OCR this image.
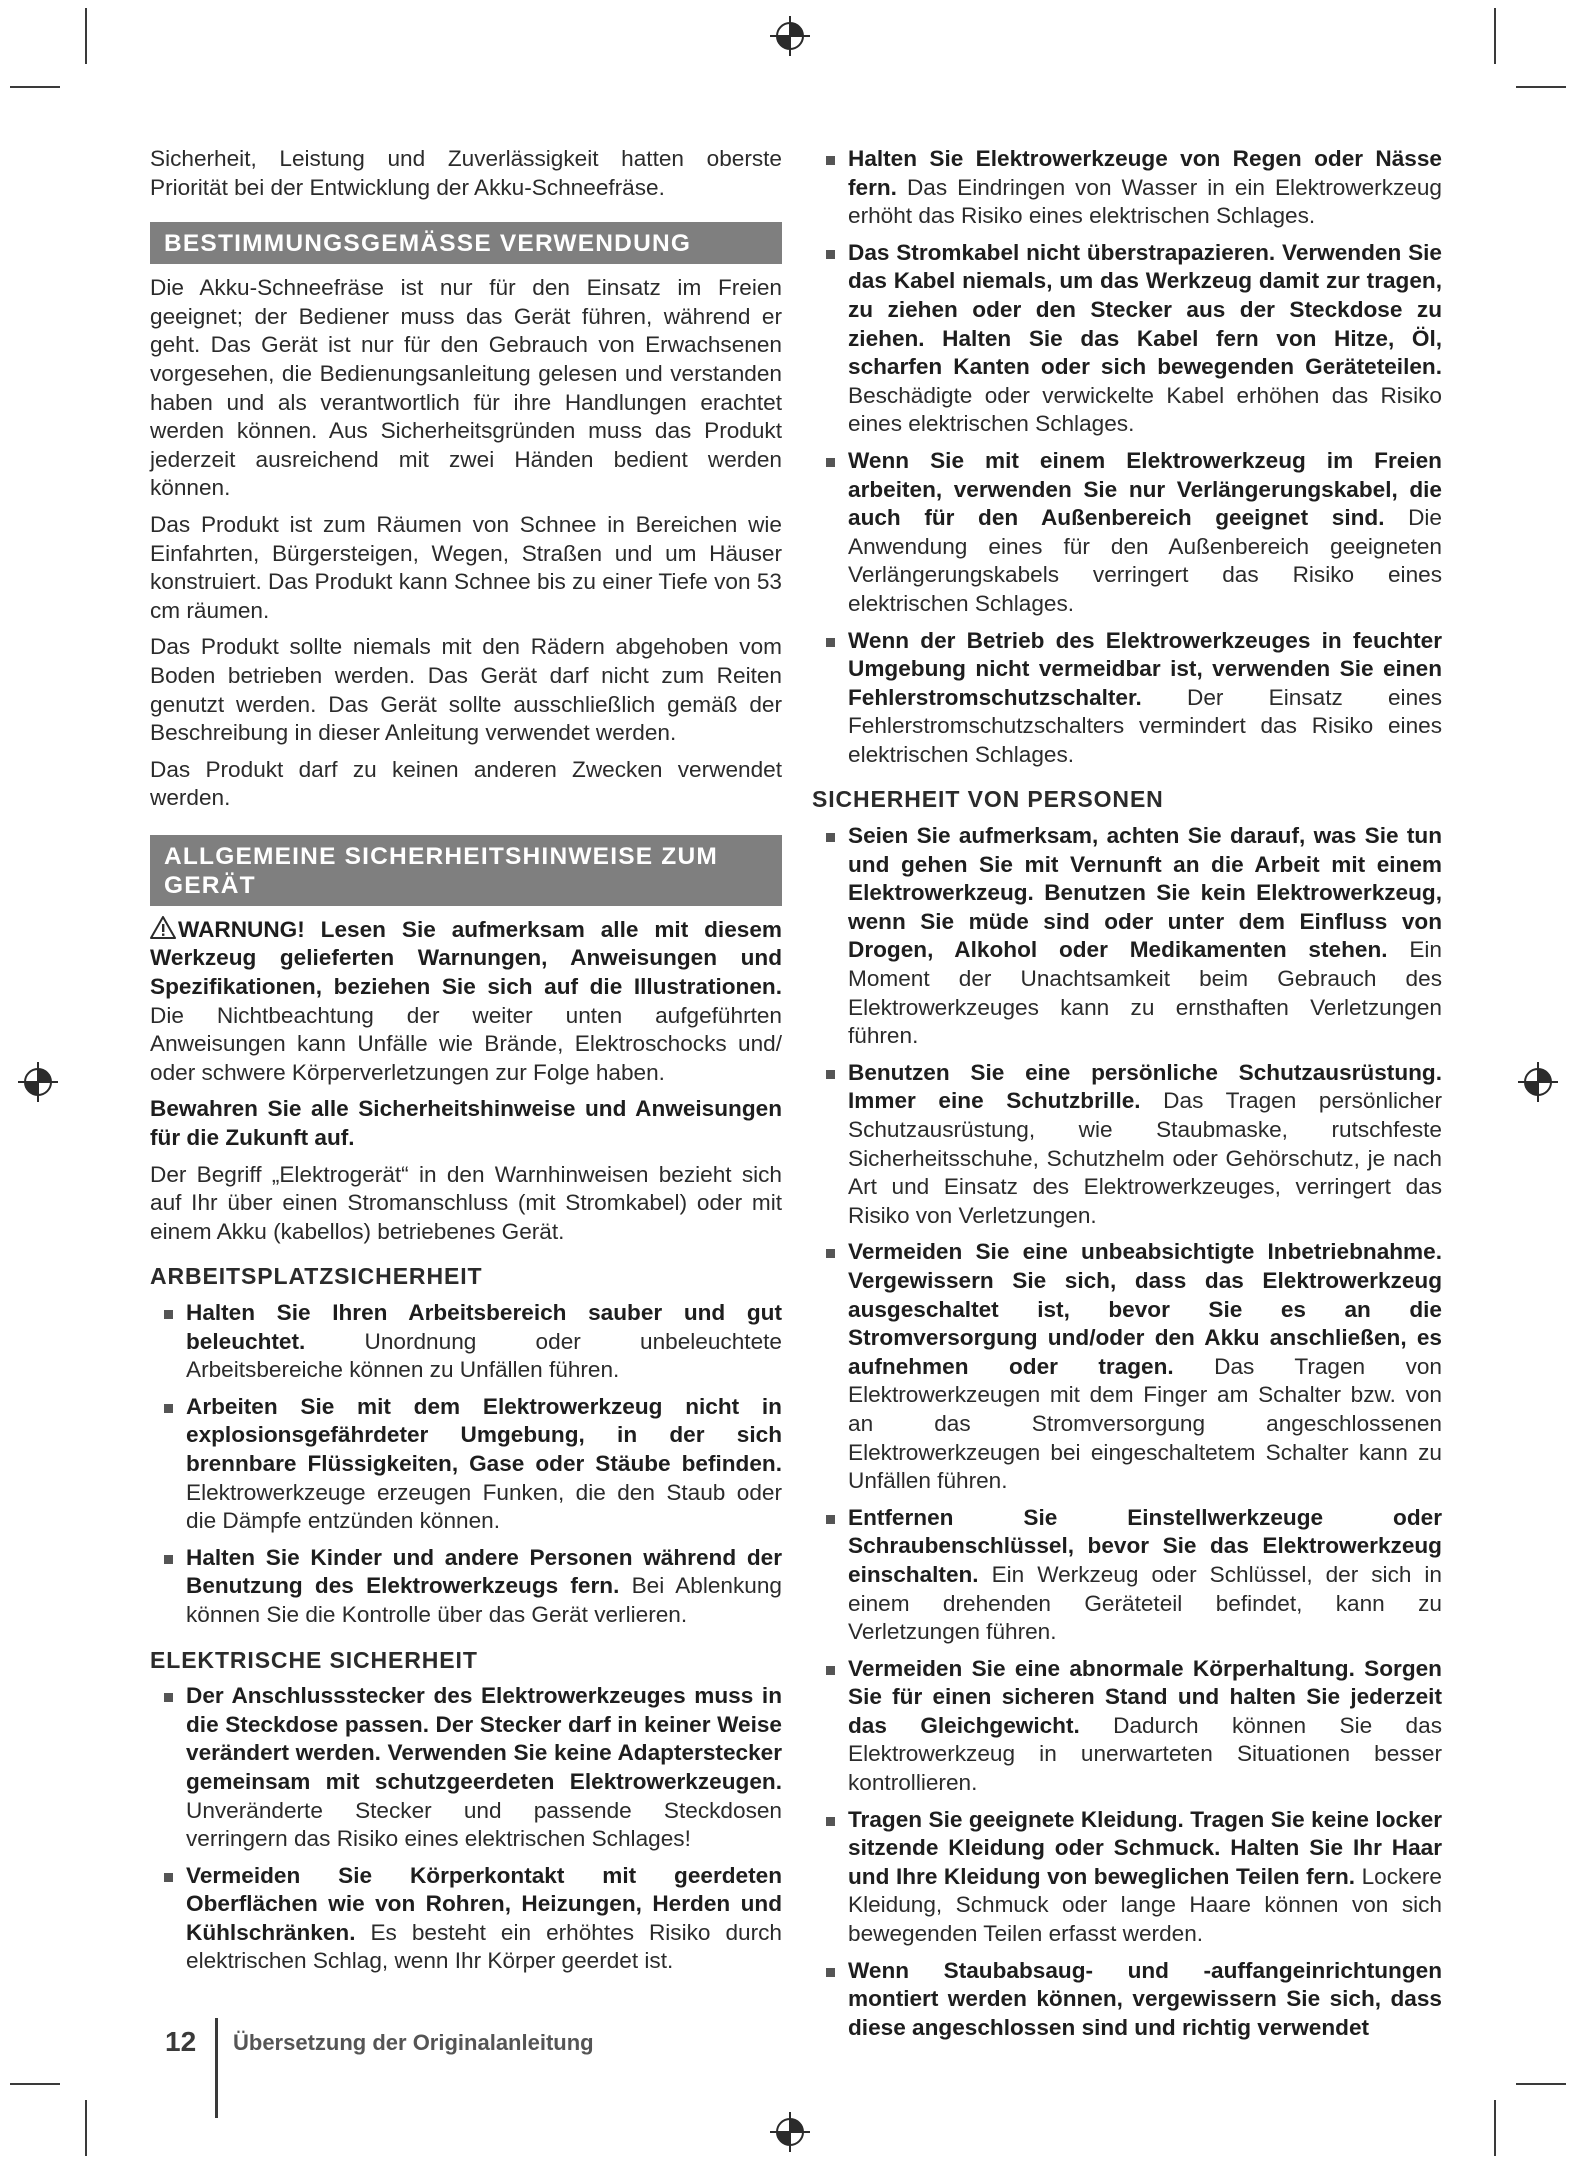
Sicherheit, Leistung und Zuverlässigkeit hatten oberste Priorität bei der Entwicklung der Akku-Schneefräse.

BESTIMMUNGSGEMÄSSE VERWENDUNG

Die Akku-Schneefräse ist nur für den Einsatz im Freien geeignet; der Bediener muss das Gerät führen, während er geht. Das Gerät ist nur für den Gebrauch von Erwachsenen vorgesehen, die Bedienungsanleitung gelesen und verstanden haben und als verantwortlich für ihre Handlungen erachtet werden können. Aus Sicherheitsgründen muss das Produkt jederzeit ausreichend mit zwei Händen bedient werden können.

Das Produkt ist zum Räumen von Schnee in Bereichen wie Einfahrten, Bürgersteigen, Wegen, Straßen und um Häuser konstruiert. Das Produkt kann Schnee bis zu einer Tiefe von 53 cm räumen.

Das Produkt sollte niemals mit den Rädern abgehoben vom Boden betrieben werden. Das Gerät darf nicht zum Reiten genutzt werden. Das Gerät sollte ausschließlich gemäß der Beschreibung in dieser Anleitung verwendet werden.

Das Produkt darf zu keinen anderen Zwecken verwendet werden.

ALLGEMEINE SICHERHEITSHINWEISE ZUM GERÄT

WARNUNG! Lesen Sie aufmerksam alle mit diesem Werkzeug gelieferten Warnungen, Anweisungen und Spezifikationen, beziehen Sie sich auf die Illustrationen. Die Nichtbeachtung der weiter unten aufgeführten Anweisungen kann Unfälle wie Brände, Elektroschocks und/ oder schwere Körperverletzungen zur Folge haben.

Bewahren Sie alle Sicherheitshinweise und Anweisungen für die Zukunft auf.

Der Begriff „Elektrogerät“ in den Warnhinweisen bezieht sich auf Ihr über einen Stromanschluss (mit Stromkabel) oder mit einem Akku (kabellos) betriebenes Gerät.

ARBEITSPLATZSICHERHEIT
Halten Sie Ihren Arbeitsbereich sauber und gut beleuchtet. Unordnung oder unbeleuchtete Arbeitsbereiche können zu Unfällen führen.
Arbeiten Sie mit dem Elektrowerkzeug nicht in explosionsgefährdeter Umgebung, in der sich brennbare Flüssigkeiten, Gase oder Stäube befinden. Elektrowerkzeuge erzeugen Funken, die den Staub oder die Dämpfe entzünden können.
Halten Sie Kinder und andere Personen während der Benutzung des Elektrowerkzeugs fern. Bei Ablenkung können Sie die Kontrolle über das Gerät verlieren.
ELEKTRISCHE SICHERHEIT
Der Anschlussstecker des Elektrowerkzeuges muss in die Steckdose passen. Der Stecker darf in keiner Weise verändert werden. Verwenden Sie keine Adapterstecker gemeinsam mit schutzgeerdeten Elektrowerkzeugen. Unveränderte Stecker und passende Steckdosen verringern das Risiko eines elektrischen Schlages!
Vermeiden Sie Körperkontakt mit geerdeten Oberflächen wie von Rohren, Heizungen, Herden und Kühlschränken. Es besteht ein erhöhtes Risiko durch elektrischen Schlag, wenn Ihr Körper geerdet ist.
Halten Sie Elektrowerkzeuge von Regen oder Nässe fern. Das Eindringen von Wasser in ein Elektrowerkzeug erhöht das Risiko eines elektrischen Schlages.
Das Stromkabel nicht überstrapazieren. Verwenden Sie das Kabel niemals, um das Werkzeug damit zur tragen, zu ziehen oder den Stecker aus der Steckdose zu ziehen. Halten Sie das Kabel fern von Hitze, Öl, scharfen Kanten oder sich bewegenden Geräteteilen. Beschädigte oder verwickelte Kabel erhöhen das Risiko eines elektrischen Schlages.
Wenn Sie mit einem Elektrowerkzeug im Freien arbeiten, verwenden Sie nur Verlängerungskabel, die auch für den Außenbereich geeignet sind. Die Anwendung eines für den Außenbereich geeigneten Verlängerungskabels verringert das Risiko eines elektrischen Schlages.
Wenn der Betrieb des Elektrowerkzeuges in feuchter Umgebung nicht vermeidbar ist, verwenden Sie einen Fehlerstromschutzschalter. Der Einsatz eines Fehlerstromschutzschalters vermindert das Risiko eines elektrischen Schlages.
SICHERHEIT VON PERSONEN
Seien Sie aufmerksam, achten Sie darauf, was Sie tun und gehen Sie mit Vernunft an die Arbeit mit einem Elektrowerkzeug. Benutzen Sie kein Elektrowerkzeug, wenn Sie müde sind oder unter dem Einfluss von Drogen, Alkohol oder Medikamenten stehen. Ein Moment der Unachtsamkeit beim Gebrauch des Elektrowerkzeuges kann zu ernsthaften Verletzungen führen.
Benutzen Sie eine persönliche Schutzausrüstung. Immer eine Schutzbrille. Das Tragen persönlicher Schutzausrüstung, wie Staubmaske, rutschfeste Sicherheitsschuhe, Schutzhelm oder Gehörschutz, je nach Art und Einsatz des Elektrowerkzeuges, verringert das Risiko von Verletzungen.
Vermeiden Sie eine unbeabsichtigte Inbetriebnahme. Vergewissern Sie sich, dass das Elektrowerkzeug ausgeschaltet ist, bevor Sie es an die Stromversorgung und/oder den Akku anschließen, es aufnehmen oder tragen. Das Tragen von Elektrowerkzeugen mit dem Finger am Schalter bzw. von an das Stromversorgung angeschlossenen Elektrowerkzeugen bei eingeschaltetem Schalter kann zu Unfällen führen.
Entfernen Sie Einstellwerkzeuge oder Schraubenschlüssel, bevor Sie das Elektrowerkzeug einschalten. Ein Werkzeug oder Schlüssel, der sich in einem drehenden Geräteteil befindet, kann zu Verletzungen führen.
Vermeiden Sie eine abnormale Körperhaltung. Sorgen Sie für einen sicheren Stand und halten Sie jederzeit das Gleichgewicht. Dadurch können Sie das Elektrowerkzeug in unerwarteten Situationen besser kontrollieren.
Tragen Sie geeignete Kleidung. Tragen Sie keine locker sitzende Kleidung oder Schmuck. Halten Sie Ihr Haar und Ihre Kleidung von beweglichen Teilen fern. Lockere Kleidung, Schmuck oder lange Haare können von sich bewegenden Teilen erfasst werden.
Wenn Staubabsaug- und -auffangeinrichtungen montiert werden können, vergewissern Sie sich, dass diese angeschlossen sind und richtig verwendet
12 Übersetzung der Originalanleitung
